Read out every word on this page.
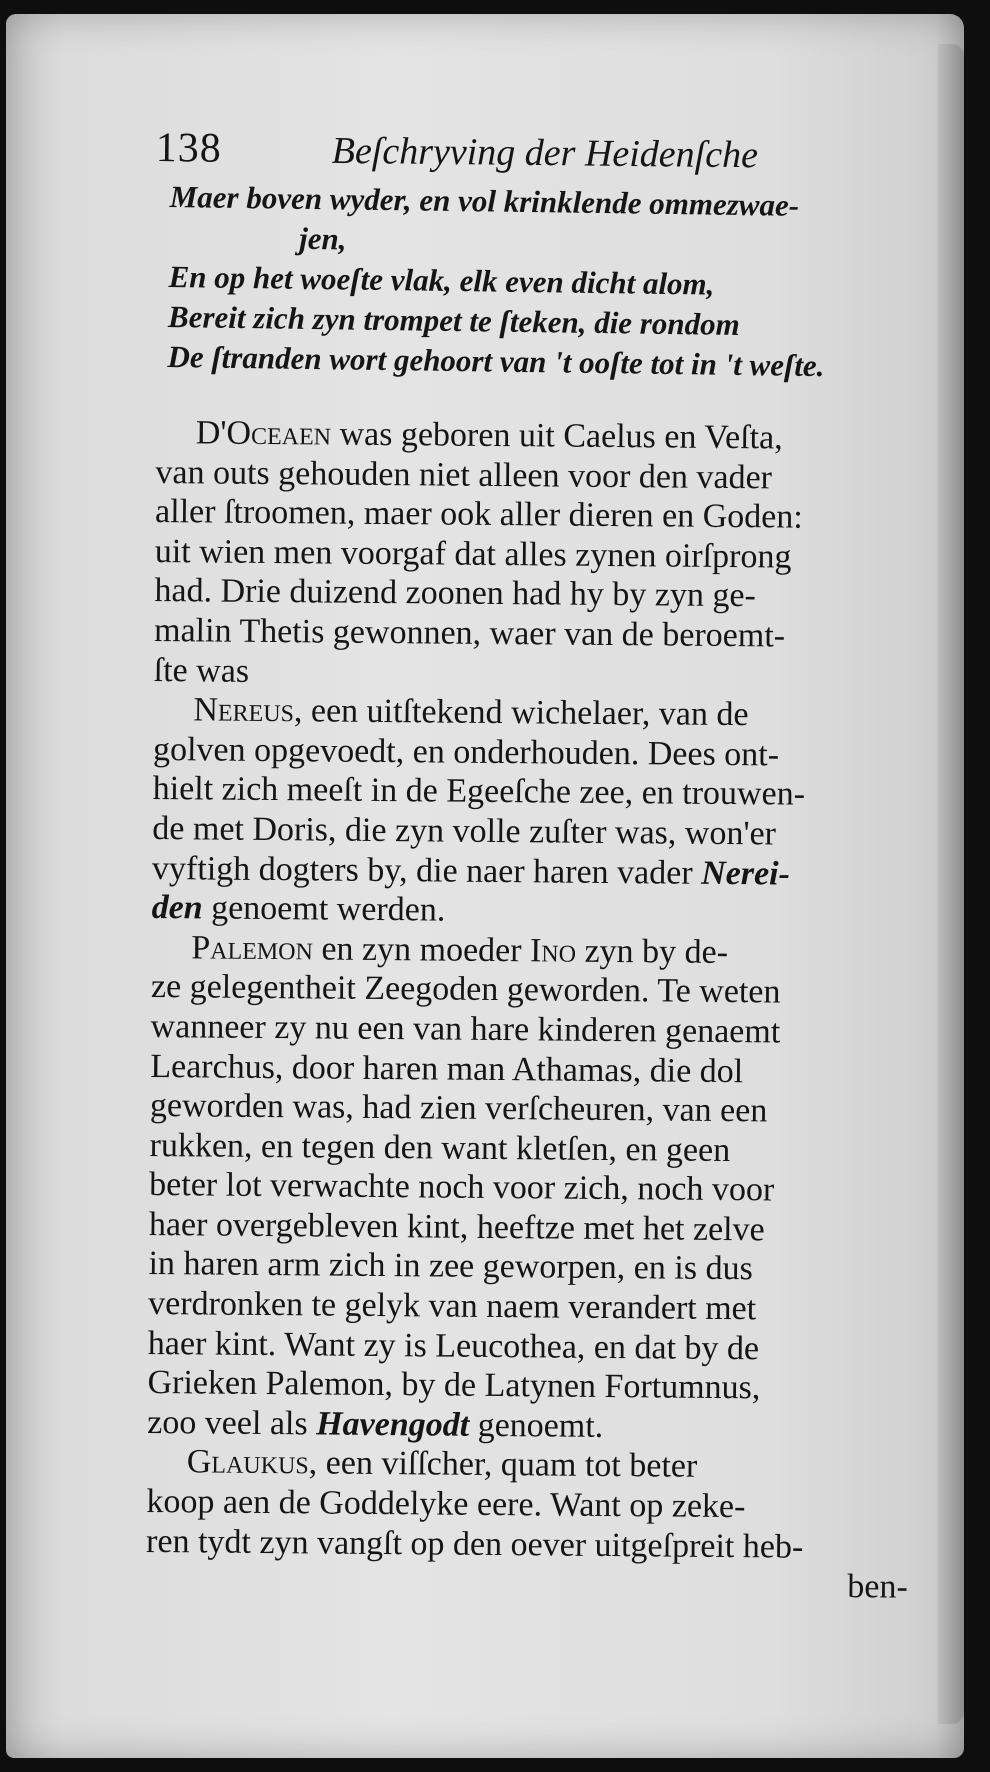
138	Beſchryving der Heidenſche
Maer boven wyder, en vol krinklende ommezwae-
jen,
En op het woeſte vlak, elk even dicht alom,
Bereit zich zyn trompet te ſteken, die rondom
De ſtranden wort gehoort van 't ooſte tot in 't weſte.
D'Oceaen was geboren uit Caelus en Veſta,
van outs gehouden niet alleen voor den vader
aller ſtroomen, maer ook aller dieren en Goden:
uit wien men voorgaf dat alles zynen oirſprong
had. Drie duizend zoonen had hy by zyn ge-
malin Thetis gewonnen, waer van de beroemt-
ſte was
Nereus, een uitſtekend wichelaer, van de
golven opgevoedt, en onderhouden. Dees ont-
hielt zich meeſt in de Egeeſche zee, en trouwen-
de met Doris, die zyn volle zuſter was, won'er
vyftigh dogters by, die naer haren vader Nerei-
den genoemt werden.
Palemon en zyn moeder Ino zyn by de-
ze gelegentheit Zeegoden geworden. Te weten
wanneer zy nu een van hare kinderen genaemt
Learchus, door haren man Athamas, die dol
geworden was, had zien verſcheuren, van een
rukken, en tegen den want kletſen, en geen
beter lot verwachte noch voor zich, noch voor
haer overgebleven kint, heeftze met het zelve
in haren arm zich in zee geworpen, en is dus
verdronken te gelyk van naem verandert met
haer kint. Want zy is Leucothea, en dat by de
Grieken Palemon, by de Latynen Fortumnus,
zoo veel als Havengodt genoemt.
Glaukus, een viſſcher, quam tot beter
koop aen de Goddelyke eere. Want op zeke-
ren tydt zyn vangſt op den oever uitgeſpreit heb-
ben-
